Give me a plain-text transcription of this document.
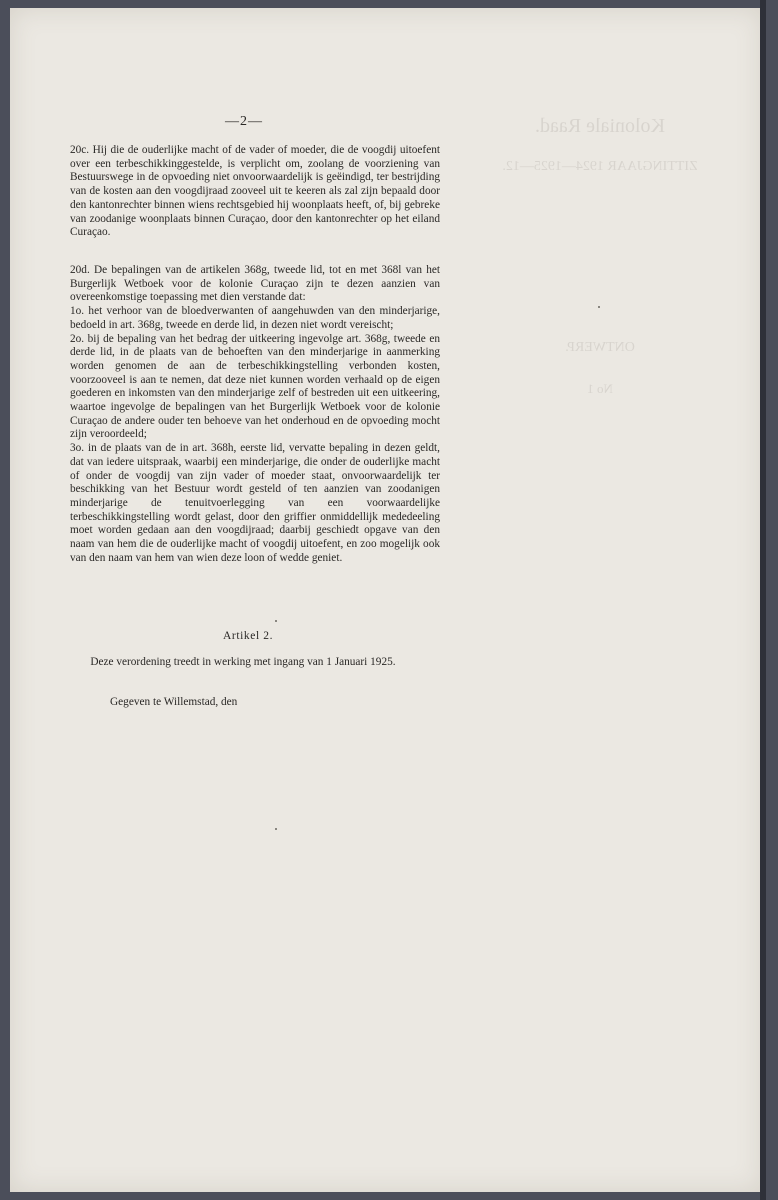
Koloniale Raad.

ZITTINGJAAR 1924—1925—12.

ONTWERP.

No 1

—2—

20c. Hij die de ouderlijke macht of de vader of moeder, die de voogdij uitoefent over een terbeschikkinggestelde, is verplicht om, zoolang de voorziening van Bestuurswege in de opvoeding niet onvoorwaardelijk is geëindigd, ter bestrijding van de kosten aan den voogdijraad zooveel uit te keeren als zal zijn bepaald door den kantonrechter binnen wiens rechtsgebied hij woonplaats heeft, of, bij gebreke van zoodanige woonplaats binnen Curaçao, door den kantonrechter op het eiland Curaçao.

20d. De bepalingen van de artikelen 368g, tweede lid, tot en met 368l van het Burgerlijk Wetboek voor de kolonie Curaçao zijn te dezen aanzien van overeenkomstige toepassing met dien verstande dat:

1o. het verhoor van de bloedverwanten of aangehuwden van den minderjarige, bedoeld in art. 368g, tweede en derde lid, in dezen niet wordt vereischt;

2o. bij de bepaling van het bedrag der uitkeering ingevolge art. 368g, tweede en derde lid, in de plaats van de behoeften van den minderjarige in aanmerking worden genomen de aan de terbeschikkingstelling verbonden kosten, voorzooveel is aan te nemen, dat deze niet kunnen worden verhaald op de eigen goederen en inkomsten van den minderjarige zelf of bestreden uit een uitkeering, waartoe ingevolge de bepalingen van het Burgerlijk Wetboek voor de kolonie Curaçao de andere ouder ten behoeve van het onderhoud en de opvoeding mocht zijn veroordeeld;

3o. in de plaats van de in art. 368h, eerste lid, vervatte bepaling in dezen geldt, dat van iedere uitspraak, waarbij een minderjarige, die onder de ouderlijke macht of onder de voogdij van zijn vader of moeder staat, onvoorwaardelijk ter beschikking van het Bestuur wordt gesteld of ten aanzien van zoodanigen minderjarige de tenuitvoerlegging van een voorwaardelijke terbeschikkingstelling wordt gelast, door den griffier onmiddellijk mededeeling moet worden gedaan aan den voogdijraad; daarbij geschiedt opgave van den naam van hem die de ouderlijke macht of voogdij uitoefent, en zoo mogelijk ook van den naam van hem van wien deze loon of wedde geniet.

Artikel 2.

Deze verordening treedt in werking met ingang van 1 Januari 1925.

Gegeven te Willemstad, den
